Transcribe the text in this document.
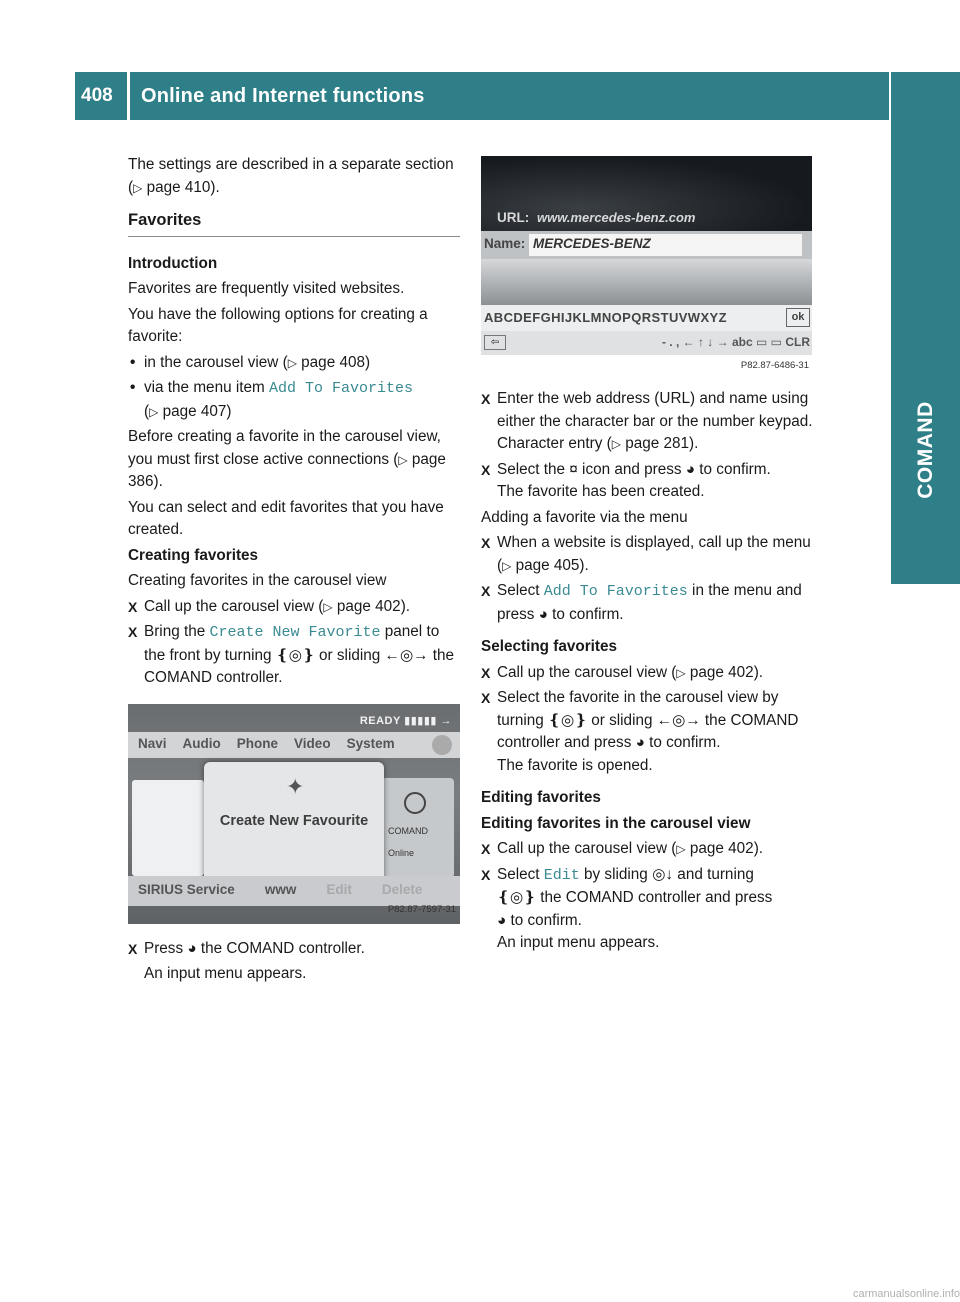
408	Online and Internet functions
COMAND

The settings are described in a separate section (▷ page 410).

Favorites

Introduction

Favorites are frequently visited websites.

You have the following options for creating a favorite:

• in the carousel view (▷ page 408)

• via the menu item Add To Favorites
(▷ page 407)

Before creating a favorite in the carousel view, you must first close active connections (▷ page 386).

You can select and edit favorites that you have created.

Creating favorites

Creating favorites in the carousel view

X Call up the carousel view (▷ page 402).

X Bring the Create New Favorite panel to the front by turning ❴◎❵ or sliding ←◎→ the COMAND controller.

READY ▮▮▮▮▮ →
Navi Audio Phone Video System
COMAND Online
✦
Create New Favourite
SIRIUS Service www Edit Delete
P82.87-7597-31

X Press ◕ the COMAND controller.

An input menu appears.

URL: www.mercedes-benz.com
Name: MERCEDES-BENZ
ABCDEFGHIJKLMNOPQRSTUVWXYZ	ok
⇦	- . , ← ↑ ↓ → abc ▭ ▭ CLR
P82.87-6486-31

X Enter the web address (URL) and name using either the character bar or the number keypad. Character entry (▷ page 281).

X Select the ¤ icon and press ◕ to confirm.
The favorite has been created.

Adding a favorite via the menu

X When a website is displayed, call up the menu (▷ page 405).

X Select Add To Favorites in the menu and press ◕ to confirm.

Selecting favorites

X Call up the carousel view (▷ page 402).

X Select the favorite in the carousel view by turning ❴◎❵ or sliding ←◎→ the COMAND controller and press ◕ to confirm.
The favorite is opened.

Editing favorites

Editing favorites in the carousel view

X Call up the carousel view (▷ page 402).

X Select Edit by sliding ◎↓ and turning
❴◎❵ the COMAND controller and press
◕ to confirm.
An input menu appears.

carmanualsonline.info
